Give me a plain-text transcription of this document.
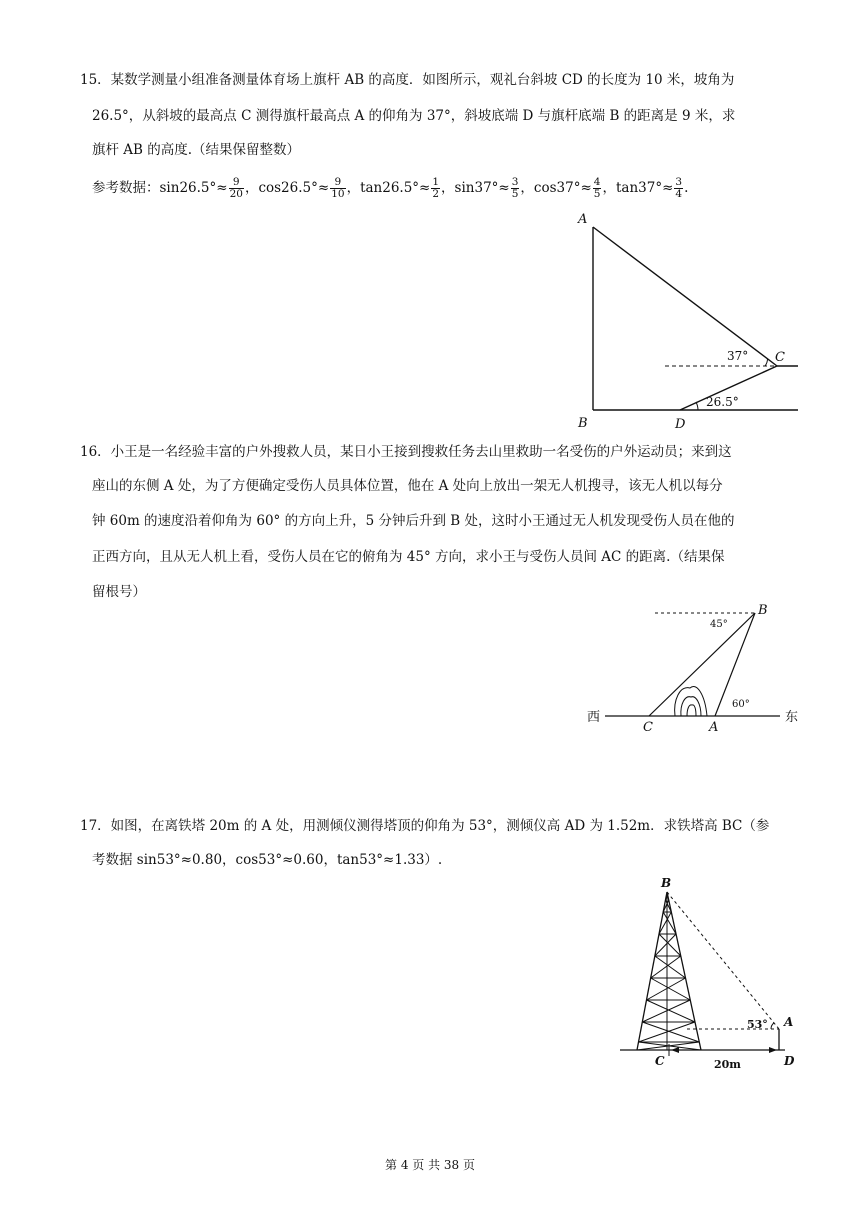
15．某数学测量小组准备测量体育场上旗杆 AB 的高度．如图所示，观礼台斜坡 CD 的长度为 10 米，坡角为
26.5°，从斜坡的最高点 C 测得旗杆最高点 A 的仰角为 37°，斜坡底端 D 与旗杆底端 B 的距离是 9 米，求
旗杆 AB 的高度.（结果保留整数）
参考数据：$\sin 26.5^\circ\approx \frac{9}{20}$ ，$\cos 26.5^\circ\approx \frac{9}{10}$ ，$\tan 26.5^\circ\approx \frac{1}{2}$ ，$\sin 37^\circ\approx \frac{3}{5}$ ，$\cos 37^\circ\approx \frac{4}{5}$ ，$\tan 37^\circ\approx \frac{3}{4}$ .
A
B
C
D
37°
26.5°
16．小王是一名经验丰富的户外搜救人员，某日小王接到搜救任务去山里救助一名受伤的户外运动员；来到这
座山的东侧 A 处，为了方便确定受伤人员具体位置，他在 A 处向上放出一架无人机搜寻，该无人机以每分
钟 60m 的速度沿着仰角为 60° 的方向上升，5 分钟后升到 B 处，这时小王通过无人机发现受伤人员在他的
正西方向，且从无人机上看，受伤人员在它的俯角为 45° 方向，求小王与受伤人员间 AC 的距离.（结果保
留根号）
B
C	A
西	东
45°
60°
17．如图，在离铁塔 20m 的 A 处，用测倾仪测得塔顶的仰角为 53°，测倾仪高 AD 为 1.52m．求铁塔高 BC（参
考数据 sin53°≈0.80，cos53°≈0.60，tan53°≈1.33）.
B
A
C	D
53°
20m
第 4 页 共 38 页
